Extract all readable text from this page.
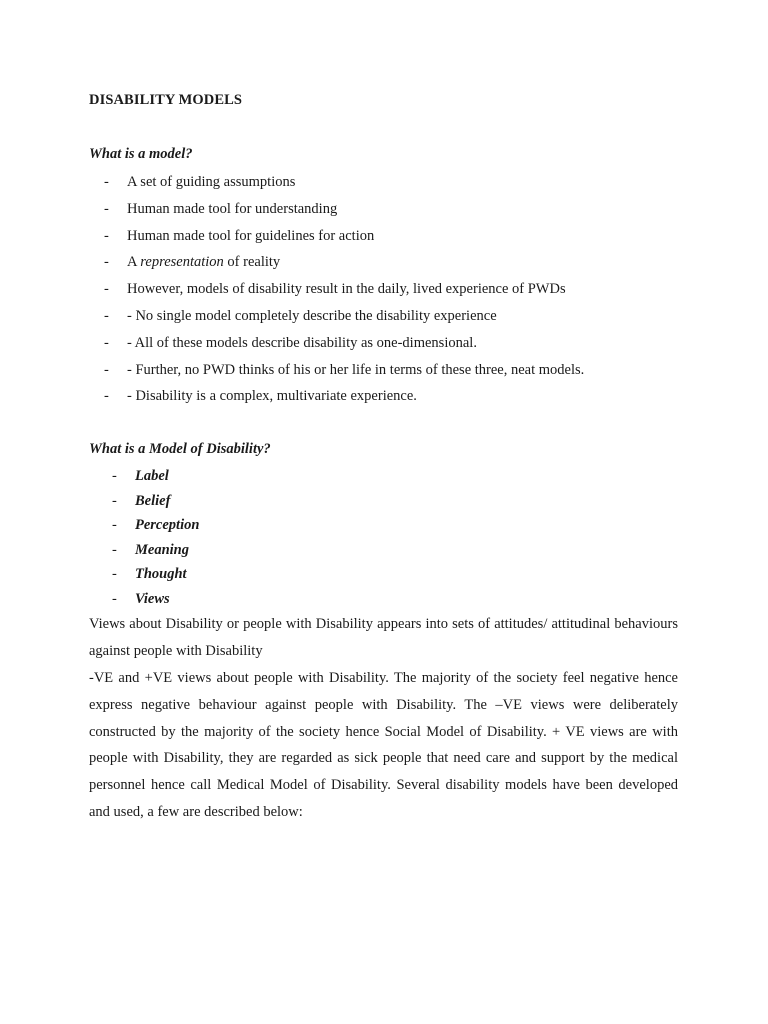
DISABILITY MODELS
What is a model?
- A set of guiding assumptions
- Human made tool for understanding
- Human made tool for guidelines for action
- A representation of reality
- However, models of disability result in the daily, lived experience of PWDs
- - No single model completely describe the disability experience
- - All of these models describe disability as one-dimensional.
- - Further, no PWD thinks of his or her life in terms of these three, neat models.
- - Disability is a complex, multivariate experience.
What is a Model of Disability?
- Label
- Belief
- Perception
- Meaning
- Thought
- Views

Views about Disability or people with Disability appears into sets of attitudes/ attitudinal behaviours against people with Disability

-VE and +VE views about people with Disability. The majority of the society feel negative hence express negative behaviour against people with Disability. The –VE views were deliberately constructed by the majority of the society hence Social Model of Disability. + VE views are with people with Disability, they are regarded as sick people that need care and support by the medical personnel hence call Medical Model of Disability. Several disability models have been developed and used, a few are described below:
